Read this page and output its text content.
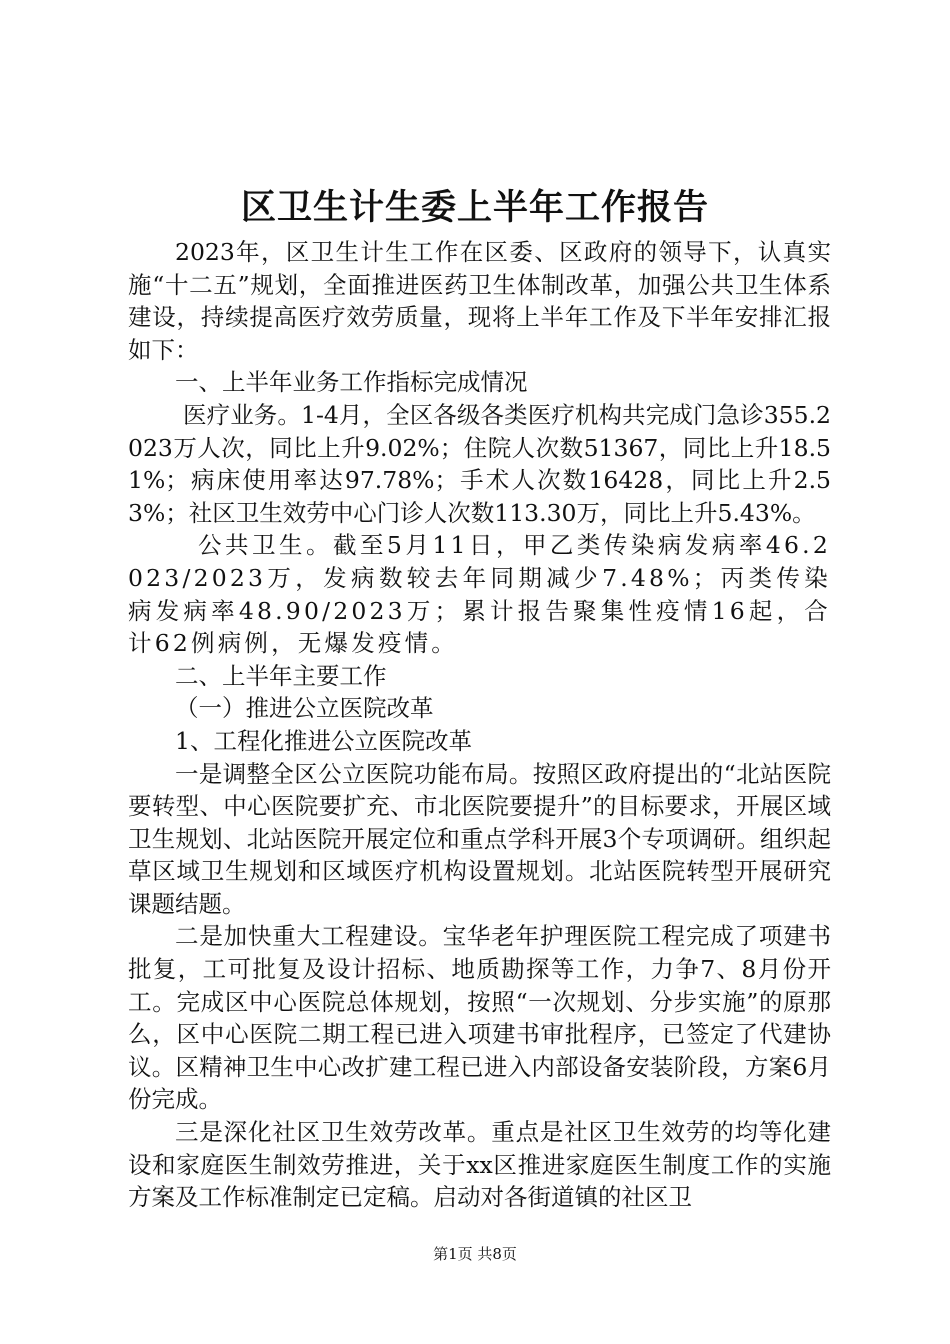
区卫生计生委上半年工作报告

2023年，区卫生计生工作在区委、区政府的领导下，认真实施“十二五”规划，全面推进医药卫生体制改革，加强公共卫生体系建设，持续提高医疗效劳质量，现将上半年工作及下半年安排汇报如下：

一、上半年业务工作指标完成情况

医疗业务。1-4月，全区各级各类医疗机构共完成门急诊355.2023万人次，同比上升9.02%；住院人次数51367，同比上升18.51%；病床使用率达97.78%；手术人次数16428，同比上升2.53%；社区卫生效劳中心门诊人次数113.30万，同比上升5.43%。

公共卫生。截至5月11日，甲乙类传染病发病率46.2023/2023万，发病数较去年同期减少7.48%；丙类传染病发病率48.90/2023万；累计报告聚集性疫情16起，合计62例病例，无爆发疫情。

二、上半年主要工作

（一）推进公立医院改革

1、工程化推进公立医院改革

一是调整全区公立医院功能布局。按照区政府提出的“北站医院要转型、中心医院要扩充、市北医院要提升”的目标要求，开展区域卫生规划、北站医院开展定位和重点学科开展3个专项调研。组织起草区域卫生规划和区域医疗机构设置规划。北站医院转型开展研究课题结题。

二是加快重大工程建设。宝华老年护理医院工程完成了项建书批复，工可批复及设计招标、地质勘探等工作，力争7、8月份开工。完成区中心医院总体规划，按照“一次规划、分步实施”的原那么，区中心医院二期工程已进入项建书审批程序，已签定了代建协议。区精神卫生中心改扩建工程已进入内部设备安装阶段，方案6月份完成。

三是深化社区卫生效劳改革。重点是社区卫生效劳的均等化建设和家庭医生制效劳推进，关于xx区推进家庭医生制度工作的实施方案及工作标准制定已定稿。启动对各街道镇的社区卫

第1页 共8页
